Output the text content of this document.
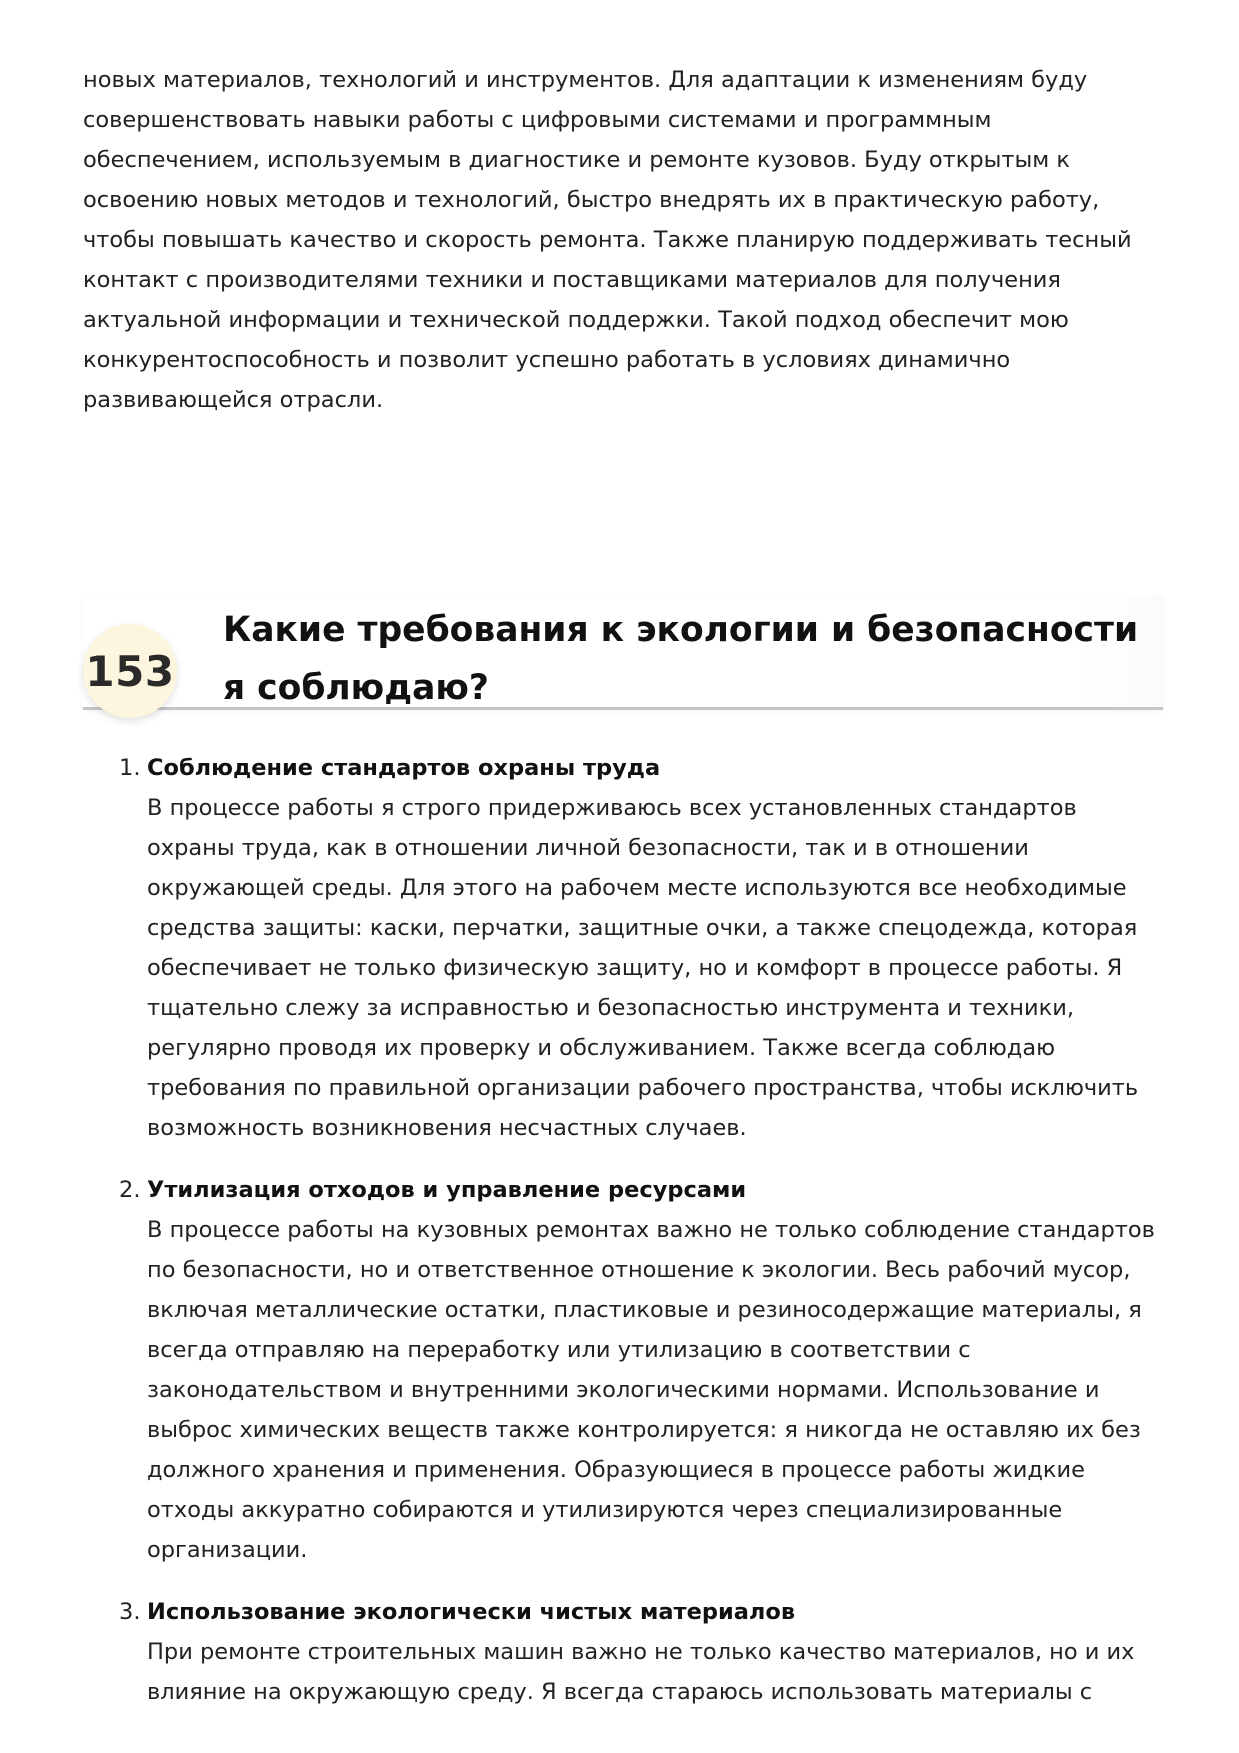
новых материалов, технологий и инструментов. Для адаптации к изменениям буду совершенствовать навыки работы с цифровыми системами и программным обеспечением, используемым в диагностике и ремонте кузовов. Буду открытым к освоению новых методов и технологий, быстро внедрять их в практическую работу, чтобы повышать качество и скорость ремонта. Также планирую поддерживать тесный контакт с производителями техники и поставщиками материалов для получения актуальной информации и технической поддержки. Такой подход обеспечит мою конкурентоспособность и позволит успешно работать в условиях динамично развивающейся отрасли.

153
Какие требования к экологии и безопасности я соблюдаю?
1. Соблюдение стандартов охраны труда

В процессе работы я строго придерживаюсь всех установленных стандартов охраны труда, как в отношении личной безопасности, так и в отношении окружающей среды. Для этого на рабочем месте используются все необходимые средства защиты: каски, перчатки, защитные очки, а также спецодежда, которая обеспечивает не только физическую защиту, но и комфорт в процессе работы. Я тщательно слежу за исправностью и безопасностью инструмента и техники, регулярно проводя их проверку и обслуживанием. Также всегда соблюдаю требования по правильной организации рабочего пространства, чтобы исключить возможность возникновения несчастных случаев.

2. Утилизация отходов и управление ресурсами

В процессе работы на кузовных ремонтах важно не только соблюдение стандартов по безопасности, но и ответственное отношение к экологии. Весь рабочий мусор, включая металлические остатки, пластиковые и резиносодержащие материалы, я всегда отправляю на переработку или утилизацию в соответствии с законодательством и внутренними экологическими нормами. Использование и выброс химических веществ также контролируется: я никогда не оставляю их без должного хранения и применения. Образующиеся в процессе работы жидкие отходы аккуратно собираются и утилизируются через специализированные организации.

3. Использование экологически чистых материалов

При ремонте строительных машин важно не только качество материалов, но и их влияние на окружающую среду. Я всегда стараюсь использовать материалы с
